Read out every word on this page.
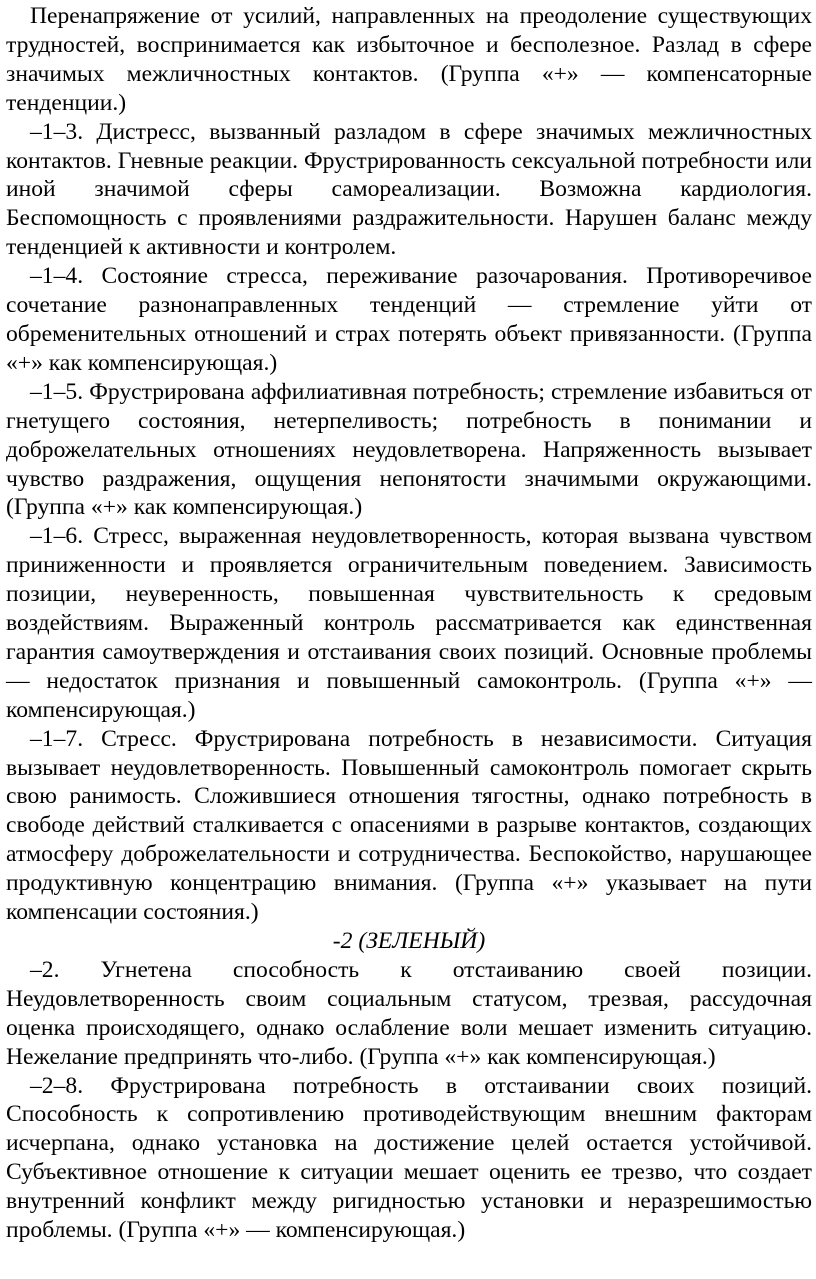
Перенапряжение от усилий, направленных на преодоление существующих трудностей, воспринимается как избыточное и бесполезное. Разлад в сфере значимых межличностных контактов. (Группа «+» — компенсаторные тенденции.)

–1–3. Дистресс, вызванный разладом в сфере значимых межличностных контактов. Гневные реакции. Фрустрированность сексуальной потребности или иной значимой сферы самореализации. Возможна кардиология. Беспомощность с проявлениями раздражительности. Нарушен баланс между тенденцией к активности и контролем.

–1–4. Состояние стресса, переживание разочарования. Противоречивое сочетание разнонаправленных тенденций — стремление уйти от обременительных отношений и страх потерять объект привязанности. (Группа «+» как компенсирующая.)

–1–5. Фрустрирована аффилиативная потребность; стремление избавиться от гнетущего состояния, нетерпеливость; потребность в понимании и доброжелательных отношениях неудовлетворена. Напряженность вызывает чувство раздражения, ощущения непонятости значимыми окружающими. (Группа «+» как компенсирующая.)

–1–6. Стресс, выраженная неудовлетворенность, которая вызвана чувством приниженности и проявляется ограничительным поведением. Зависимость позиции, неуверенность, повышенная чувствительность к средовым воздействиям. Выраженный контроль рассматривается как единственная гарантия самоутверждения и отстаивания своих позиций. Основные проблемы — недостаток признания и повышенный самоконтроль. (Группа «+» — компенсирующая.)

–1–7. Стресс. Фрустрирована потребность в независимости. Ситуация вызывает неудовлетворенность. Повышенный самоконтроль помогает скрыть свою ранимость. Сложившиеся отношения тягостны, однако потребность в свободе действий сталкивается с опасениями в разрыве контактов, создающих атмосферу доброжелательности и сотрудничества. Беспокойство, нарушающее продуктивную концентрацию внимания. (Группа «+» указывает на пути компенсации состояния.)

-2 (ЗЕЛЕНЫЙ)

–2. Угнетена способность к отстаиванию своей позиции. Неудовлетворенность своим социальным статусом, трезвая, рассудочная оценка происходящего, однако ослабление воли мешает изменить ситуацию. Нежелание предпринять что-либо. (Группа «+» как компенсирующая.)

–2–8. Фрустрирована потребность в отстаивании своих позиций. Способность к сопротивлению противодействующим внешним факторам исчерпана, однако установка на достижение целей остается устойчивой. Субъективное отношение к ситуации мешает оценить ее трезво, что создает внутренний конфликт между ригидностью установки и неразрешимостью проблемы. (Группа «+» — компенсирующая.)
